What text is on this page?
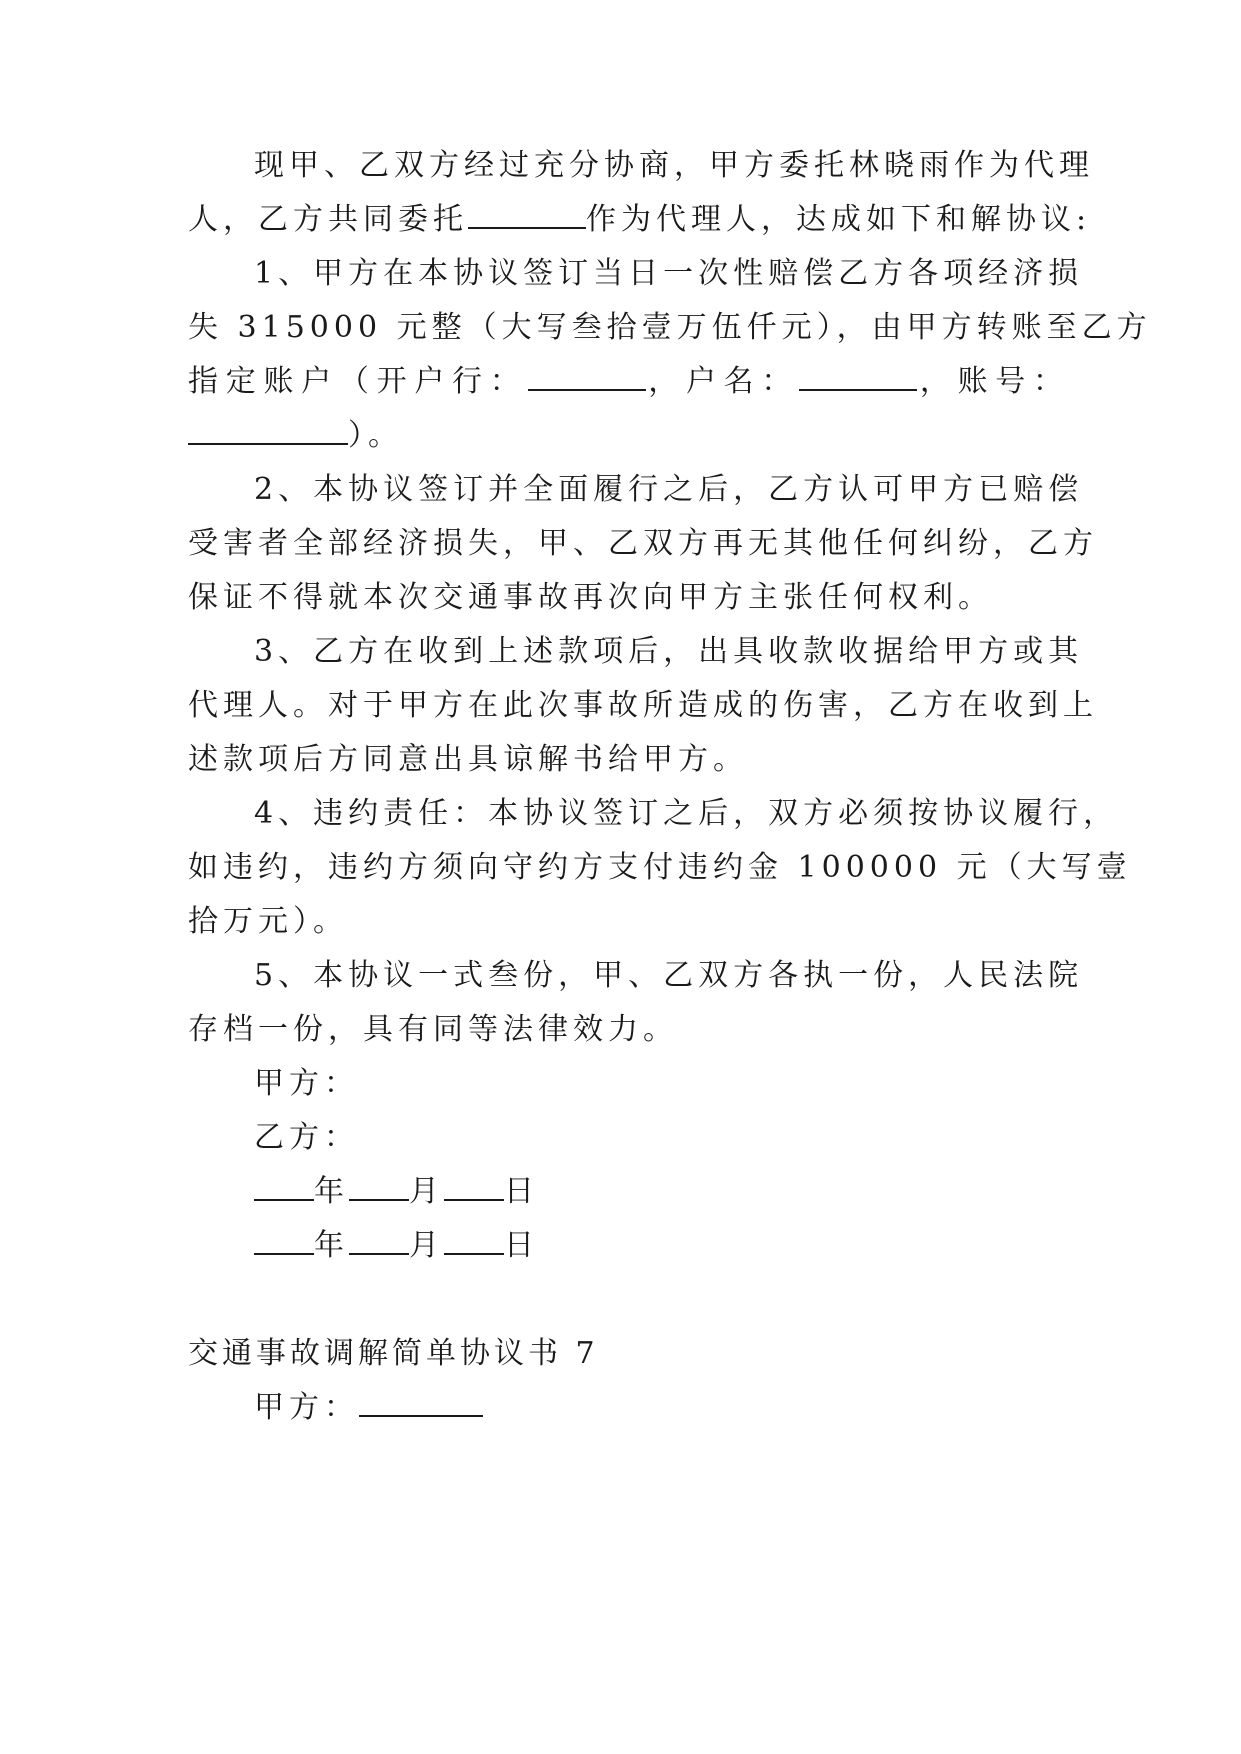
现甲、乙双方经过充分协商，甲方委托林晓雨作为代理
人，乙方共同委托	作为代理人，达成如下和解协议:
1、甲方在本协议签订当日一次性赔偿乙方各项经济损
失 315000 元整（大写叁拾壹万伍仟元），由甲方转账至乙方
指定账户（开户行：	，户名：	，账号：
）。
2、本协议签订并全面履行之后，乙方认可甲方已赔偿
受害者全部经济损失，甲、乙双方再无其他任何纠纷，乙方
保证不得就本次交通事故再次向甲方主张任何权利。
3、乙方在收到上述款项后，出具收款收据给甲方或其
代理人。对于甲方在此次事故所造成的伤害，乙方在收到上
述款项后方同意出具谅解书给甲方。
4、违约责任：本协议签订之后，双方必须按协议履行，
如违约，违约方须向守约方支付违约金 100000 元（大写壹
拾万元）。
5、本协议一式叁份，甲、乙双方各执一份，人民法院
存档一份，具有同等法律效力。
甲方：
乙方：
年 月 日
年 月 日
交通事故调解简单协议书 7
甲方：
